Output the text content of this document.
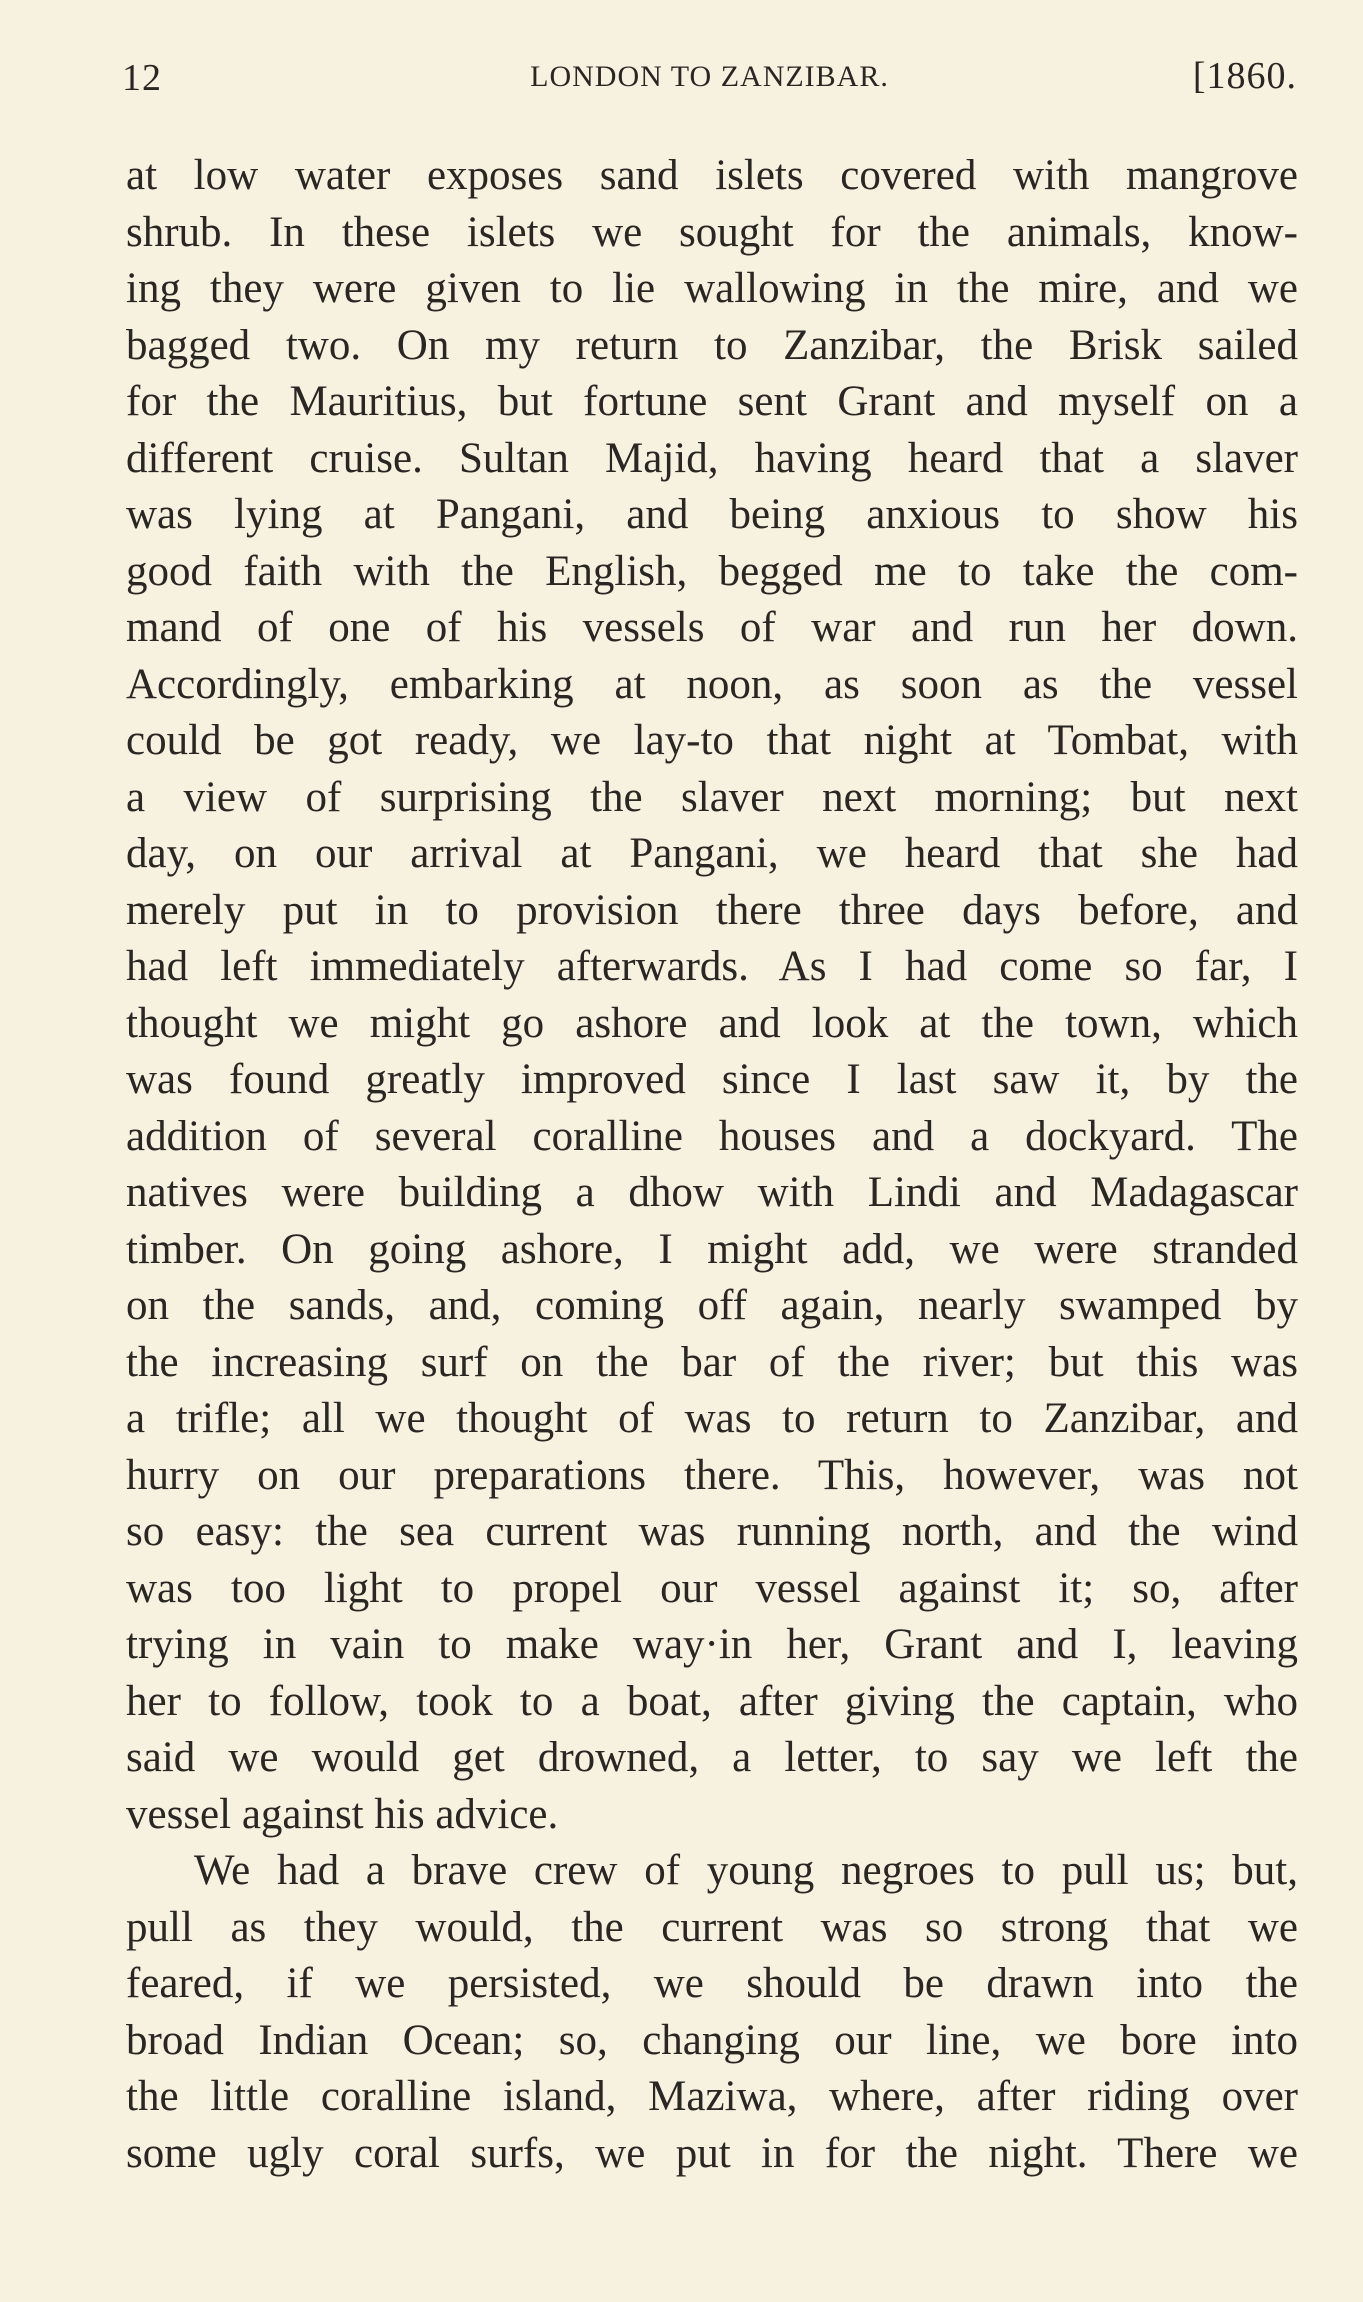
12	LONDON TO ZANZIBAR.	[1860.
at low water exposes sand islets covered with mangrove
shrub. In these islets we sought for the animals, know-
ing they were given to lie wallowing in the mire, and we
bagged two. On my return to Zanzibar, the Brisk sailed
for the Mauritius, but fortune sent Grant and myself on a
different cruise. Sultan Majid, having heard that a slaver
was lying at Pangani, and being anxious to show his
good faith with the English, begged me to take the com-
mand of one of his vessels of war and run her down.
Accordingly, embarking at noon, as soon as the vessel
could be got ready, we lay-to that night at Tombat, with
a view of surprising the slaver next morning; but next
day, on our arrival at Pangani, we heard that she had
merely put in to provision there three days before, and
had left immediately afterwards. As I had come so far, I
thought we might go ashore and look at the town, which
was found greatly improved since I last saw it, by the
addition of several coralline houses and a dockyard. The
natives were building a dhow with Lindi and Madagascar
timber. On going ashore, I might add, we were stranded
on the sands, and, coming off again, nearly swamped by
the increasing surf on the bar of the river; but this was
a trifle; all we thought of was to return to Zanzibar, and
hurry on our preparations there. This, however, was not
so easy: the sea current was running north, and the wind
was too light to propel our vessel against it; so, after
trying in vain to make way·in her, Grant and I, leaving
her to follow, took to a boat, after giving the captain, who
said we would get drowned, a letter, to say we left the
vessel against his advice.
We had a brave crew of young negroes to pull us; but,
pull as they would, the current was so strong that we
feared, if we persisted, we should be drawn into the
broad Indian Ocean; so, changing our line, we bore into
the little coralline island, Maziwa, where, after riding over
some ugly coral surfs, we put in for the night. There we
